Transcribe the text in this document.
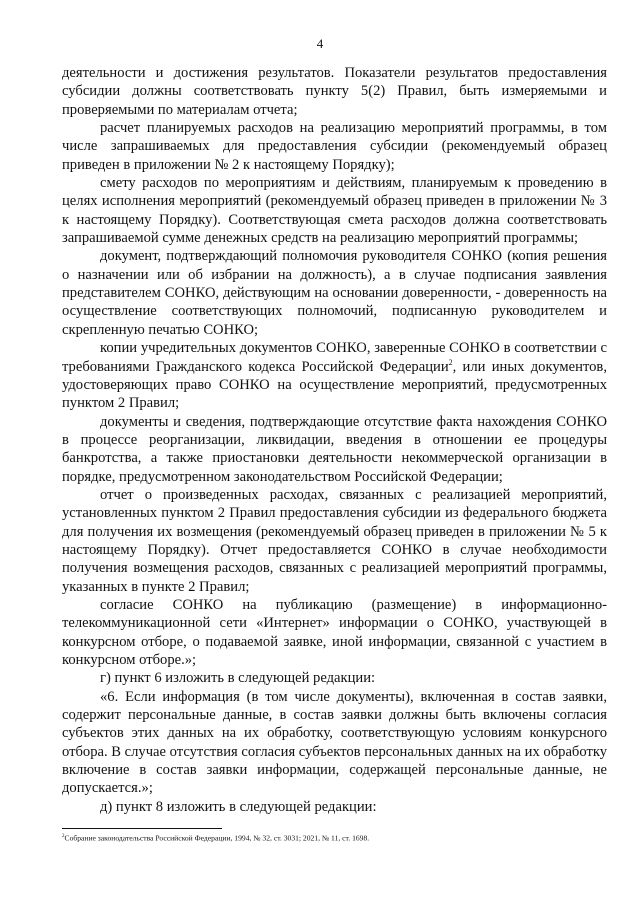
4

деятельности и достижения результатов. Показатели результатов предоставления субсидии должны соответствовать пункту 5(2) Правил, быть измеряемыми и проверяемыми по материалам отчета;

расчет планируемых расходов на реализацию мероприятий программы, в том числе запрашиваемых для предоставления субсидии (рекомендуемый образец приведен в приложении № 2 к настоящему Порядку);

смету расходов по мероприятиям и действиям, планируемым к проведению в целях исполнения мероприятий (рекомендуемый образец приведен в приложении № 3 к настоящему Порядку). Соответствующая смета расходов должна соответствовать запрашиваемой сумме денежных средств на реализацию мероприятий программы;

документ, подтверждающий полномочия руководителя СОНКО (копия решения о назначении или об избрании на должность), а в случае подписания заявления представителем СОНКО, действующим на основании доверенности, - доверенность на осуществление соответствующих полномочий, подписанную руководителем и скрепленную печатью СОНКО;

копии учредительных документов СОНКО, заверенные СОНКО в соответствии с требованиями Гражданского кодекса Российской Федерации$^2$, или иных документов, удостоверяющих право СОНКО на осуществление мероприятий, предусмотренных пунктом 2 Правил;

документы и сведения, подтверждающие отсутствие факта нахождения СОНКО в процессе реорганизации, ликвидации, введения в отношении ее процедуры банкротства, а также приостановки деятельности некоммерческой организации в порядке, предусмотренном законодательством Российской Федерации;

отчет о произведенных расходах, связанных с реализацией мероприятий, установленных пунктом 2 Правил предоставления субсидии из федерального бюджета для получения их возмещения (рекомендуемый образец приведен в приложении № 5 к настоящему Порядку). Отчет предоставляется СОНКО в случае необходимости получения возмещения расходов, связанных с реализацией мероприятий программы, указанных в пункте 2 Правил;

согласие СОНКО на публикацию (размещение) в информационно-телекоммуникационной сети «Интернет» информации о СОНКО, участвующей в конкурсном отборе, о подаваемой заявке, иной информации, связанной с участием в конкурсном отборе.»;

г) пункт 6 изложить в следующей редакции:

«6. Если информация (в том числе документы), включенная в состав заявки, содержит персональные данные, в состав заявки должны быть включены согласия субъектов этих данных на их обработку, соответствующую условиям конкурсного отбора. В случае отсутствия согласия субъектов персональных данных на их обработку включение в состав заявки информации, содержащей персональные данные, не допускается.»;

д) пункт 8 изложить в следующей редакции:

$^2$Собрание законодательства Российской Федерации, 1994, № 32, ст. 3031; 2021, № 11, ст. 1698.
